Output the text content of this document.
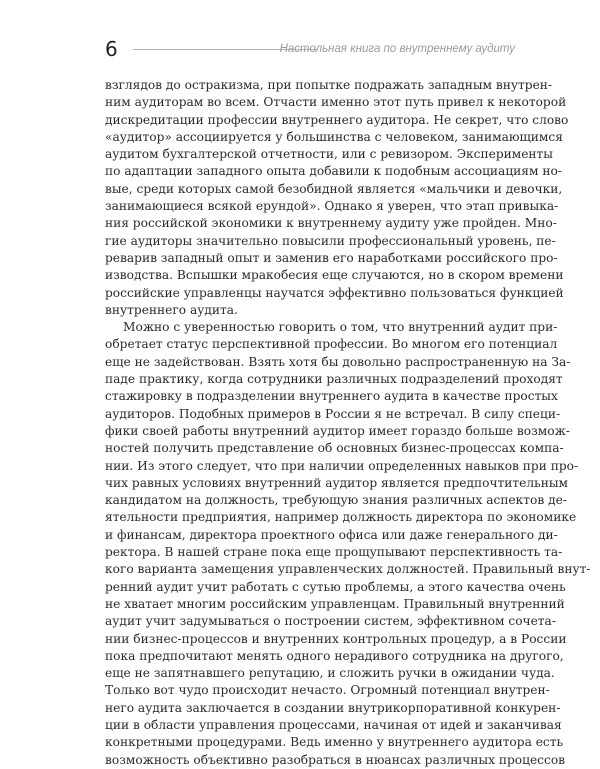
6	Настольная книга по внутреннему аудиту
взглядов до остракизма, при попытке подражать западным внутрен-
ним аудиторам во всем. Отчасти именно этот путь привел к некоторой
дискредитации профессии внутреннего аудитора. Не секрет, что слово
«аудитор» ассоциируется у большинства с человеком, занимающимся
аудитом бухгалтерской отчетности, или с ревизором. Эксперименты
по адаптации западного опыта добавили к подобным ассоциациям но-
вые, среди которых самой безобидной является «мальчики и девочки,
занимающиеся всякой ерундой». Однако я уверен, что этап привыка-
ния российской экономики к внутреннему аудиту уже пройден. Мно-
гие аудиторы значительно повысили профессиональный уровень, пе-
реварив западный опыт и заменив его наработками российского про-
изводства. Вспышки мракобесия еще случаются, но в скором времени
российские управленцы научатся эффективно пользоваться функцией
внутреннего аудита.
Можно с уверенностью говорить о том, что внутренний аудит при-
обретает статус перспективной профессии. Во многом его потенциал
еще не задействован. Взять хотя бы довольно распространенную на За-
паде практику, когда сотрудники различных подразделений проходят
стажировку в подразделении внутреннего аудита в качестве простых
аудиторов. Подобных примеров в России я не встречал. В силу специ-
фики своей работы внутренний аудитор имеет гораздо больше возмож-
ностей получить представление об основных бизнес-процессах компа-
нии. Из этого следует, что при наличии определенных навыков при про-
чих равных условиях внутренний аудитор является предпочтительным
кандидатом на должность, требующую знания различных аспектов де-
ятельности предприятия, например должность директора по экономике
и финансам, директора проектного офиса или даже генерального ди-
ректора. В нашей стране пока еще прощупывают перспективность та-
кого варианта замещения управленческих должностей. Правильный внут-
ренний аудит учит работать с сутью проблемы, а этого качества очень
не хватает многим российским управленцам. Правильный внутренний
аудит учит задумываться о построении систем, эффективном сочета-
нии бизнес-процессов и внутренних контрольных процедур, а в России
пока предпочитают менять одного нерадивого сотрудника на другого,
еще не запятнавшего репутацию, и сложить ручки в ожидании чуда.
Только вот чудо происходит нечасто. Огромный потенциал внутрен-
него аудита заключается в создании внутрикорпоративной конкурен-
ции в области управления процессами, начиная от идей и заканчивая
конкретными процедурами. Ведь именно у внутреннего аудитора есть
возможность объективно разобраться в нюансах различных процессов
